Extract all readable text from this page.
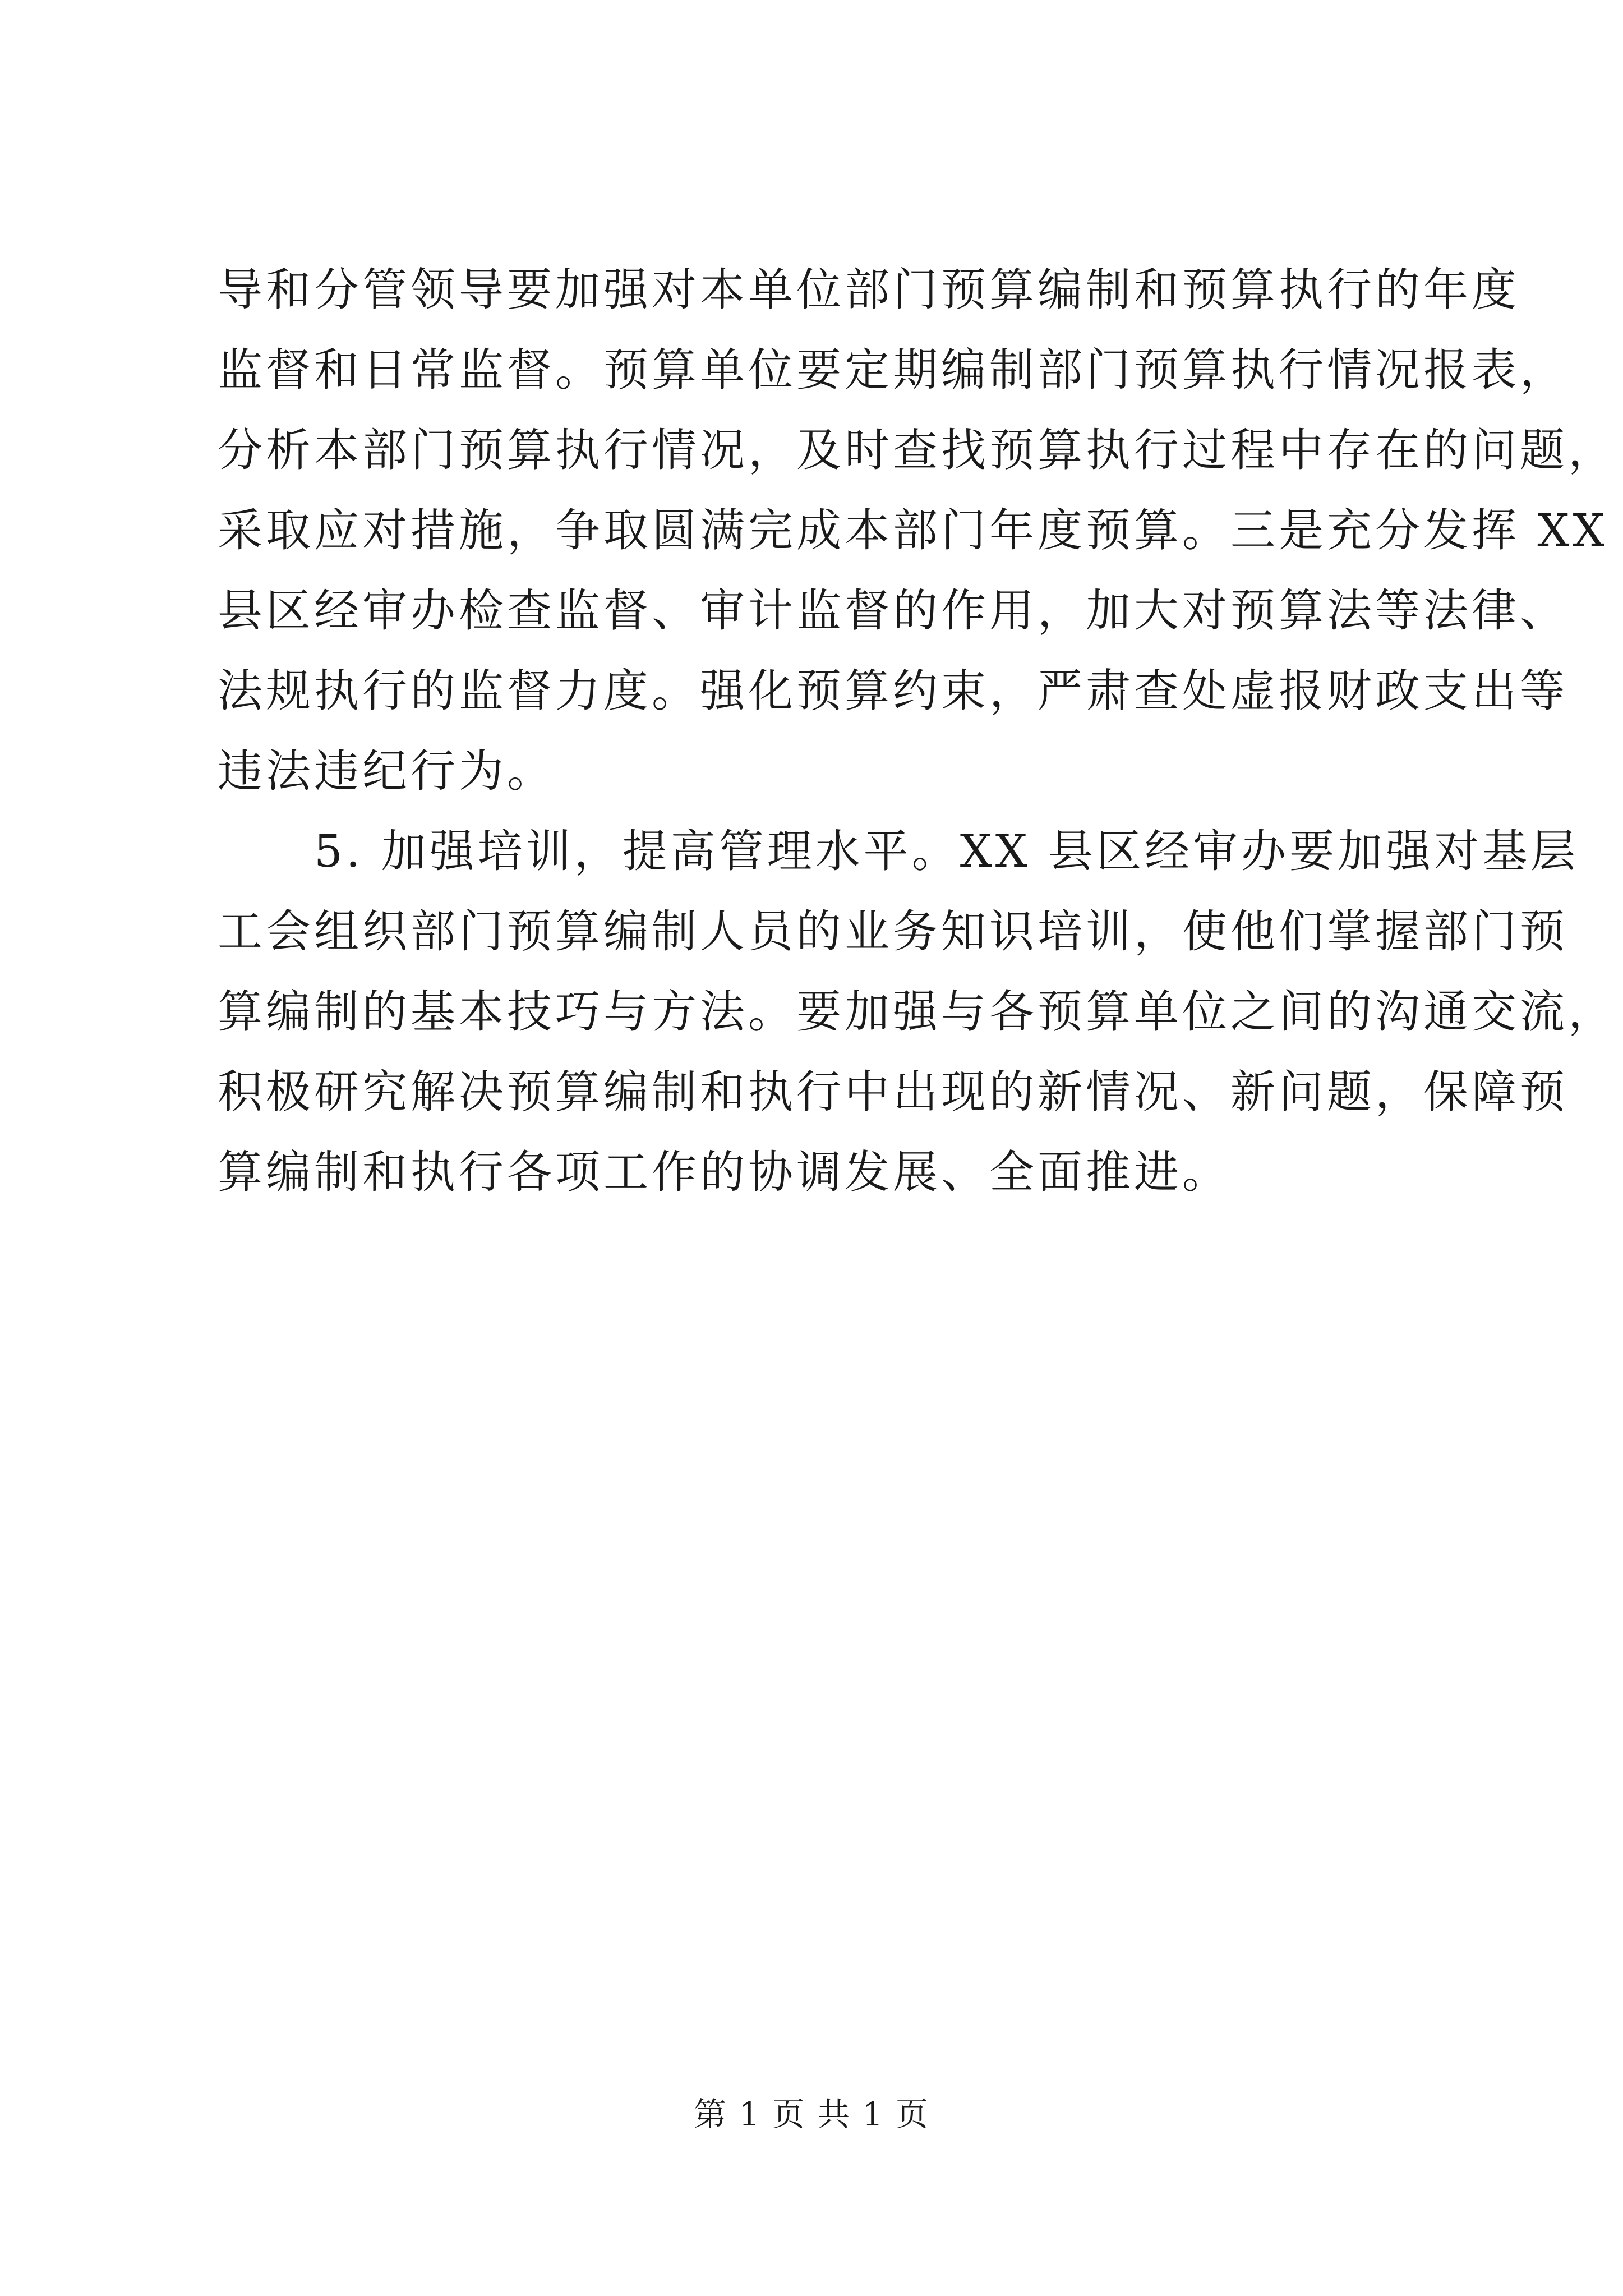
导和分管领导要加强对本单位部门预算编制和预算执行的年度
监督和日常监督。预算单位要定期编制部门预算执行情况报表，
分析本部门预算执行情况，及时查找预算执行过程中存在的问题，
采取应对措施，争取圆满完成本部门年度预算。三是充分发挥 XX
县区经审办检查监督、审计监督的作用，加大对预算法等法律、
法规执行的监督力度。强化预算约束，严肃查处虚报财政支出等
违法违纪行为。
　　5. 加强培训，提高管理水平。XX 县区经审办要加强对基层
工会组织部门预算编制人员的业务知识培训，使他们掌握部门预
算编制的基本技巧与方法。要加强与各预算单位之间的沟通交流，
积极研究解决预算编制和执行中出现的新情况、新问题，保障预
算编制和执行各项工作的协调发展、全面推进。
第 1 页 共 1 页
